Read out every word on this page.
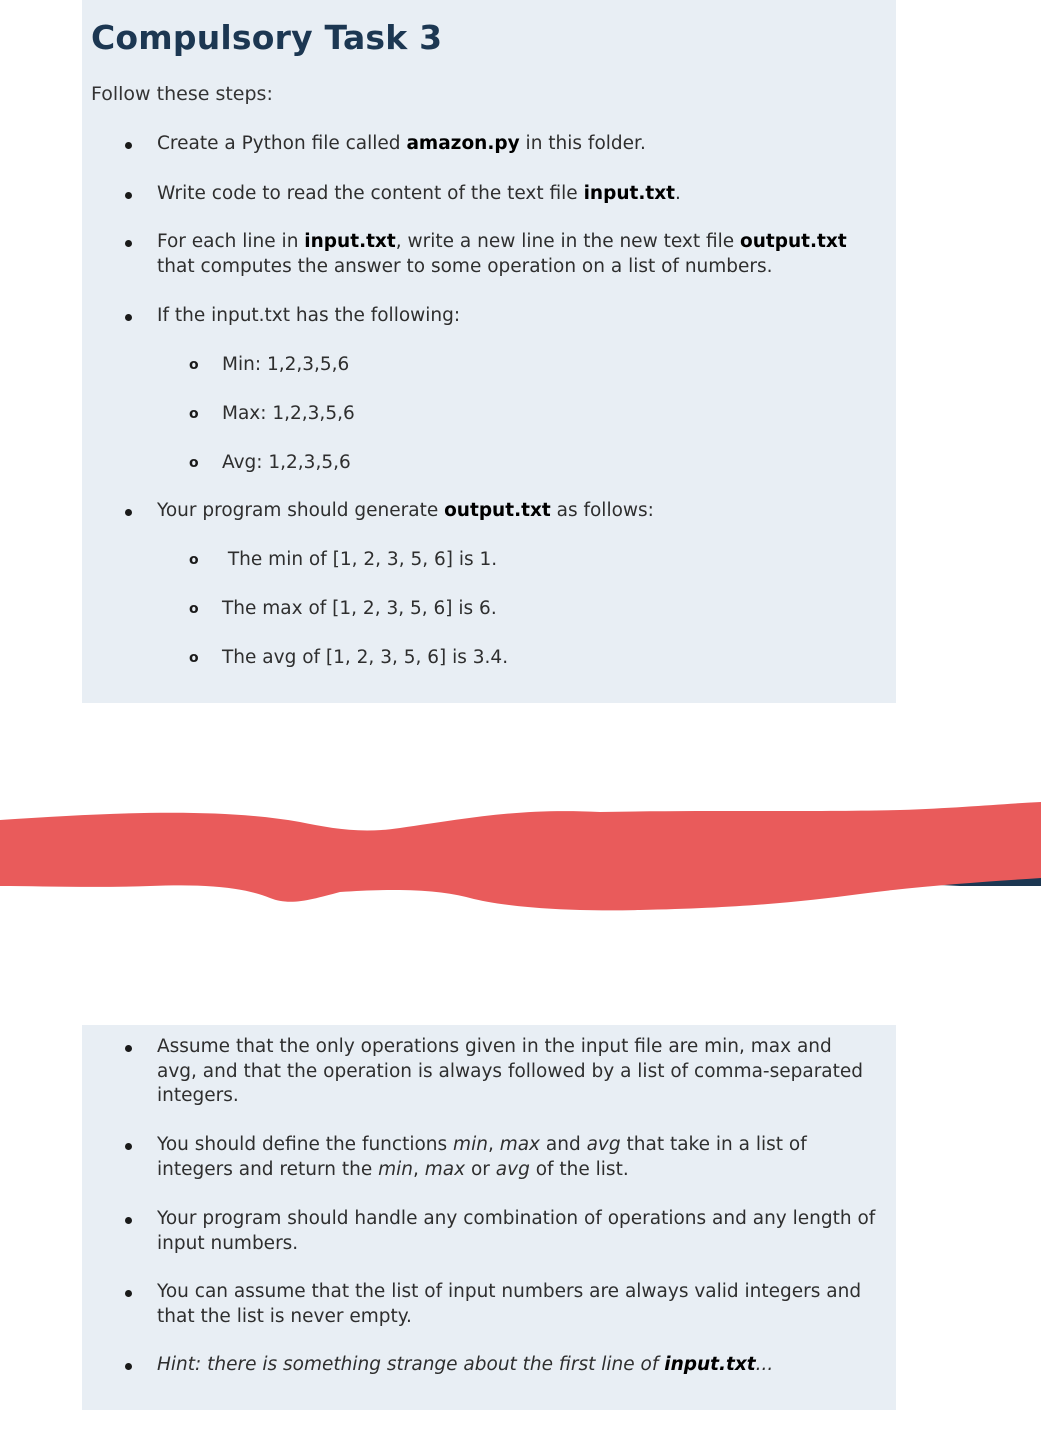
Compulsory Task 3
Follow these steps:
Create a Python file called amazon.py in this folder.
Write code to read the content of the text file input.txt.
For each line in input.txt, write a new line in the new text file output.txt that computes the answer to some operation on a list of numbers.
If the input.txt has the following:
o Min: 1,2,3,5,6
o Max: 1,2,3,5,6
o Avg: 1,2,3,5,6
Your program should generate output.txt as follows:
o The min of [1, 2, 3, 5, 6] is 1.
o The max of [1, 2, 3, 5, 6] is 6.
o The avg of [1, 2, 3, 5, 6] is 3.4.
Assume that the only operations given in the input file are min, max and avg, and that the operation is always followed by a list of comma-separated integers.
You should define the functions min, max and avg that take in a list of integers and return the min, max or avg of the list.
Your program should handle any combination of operations and any length of input numbers.
You can assume that the list of input numbers are always valid integers and that the list is never empty.
Hint: there is something strange about the first line of input.txt...
